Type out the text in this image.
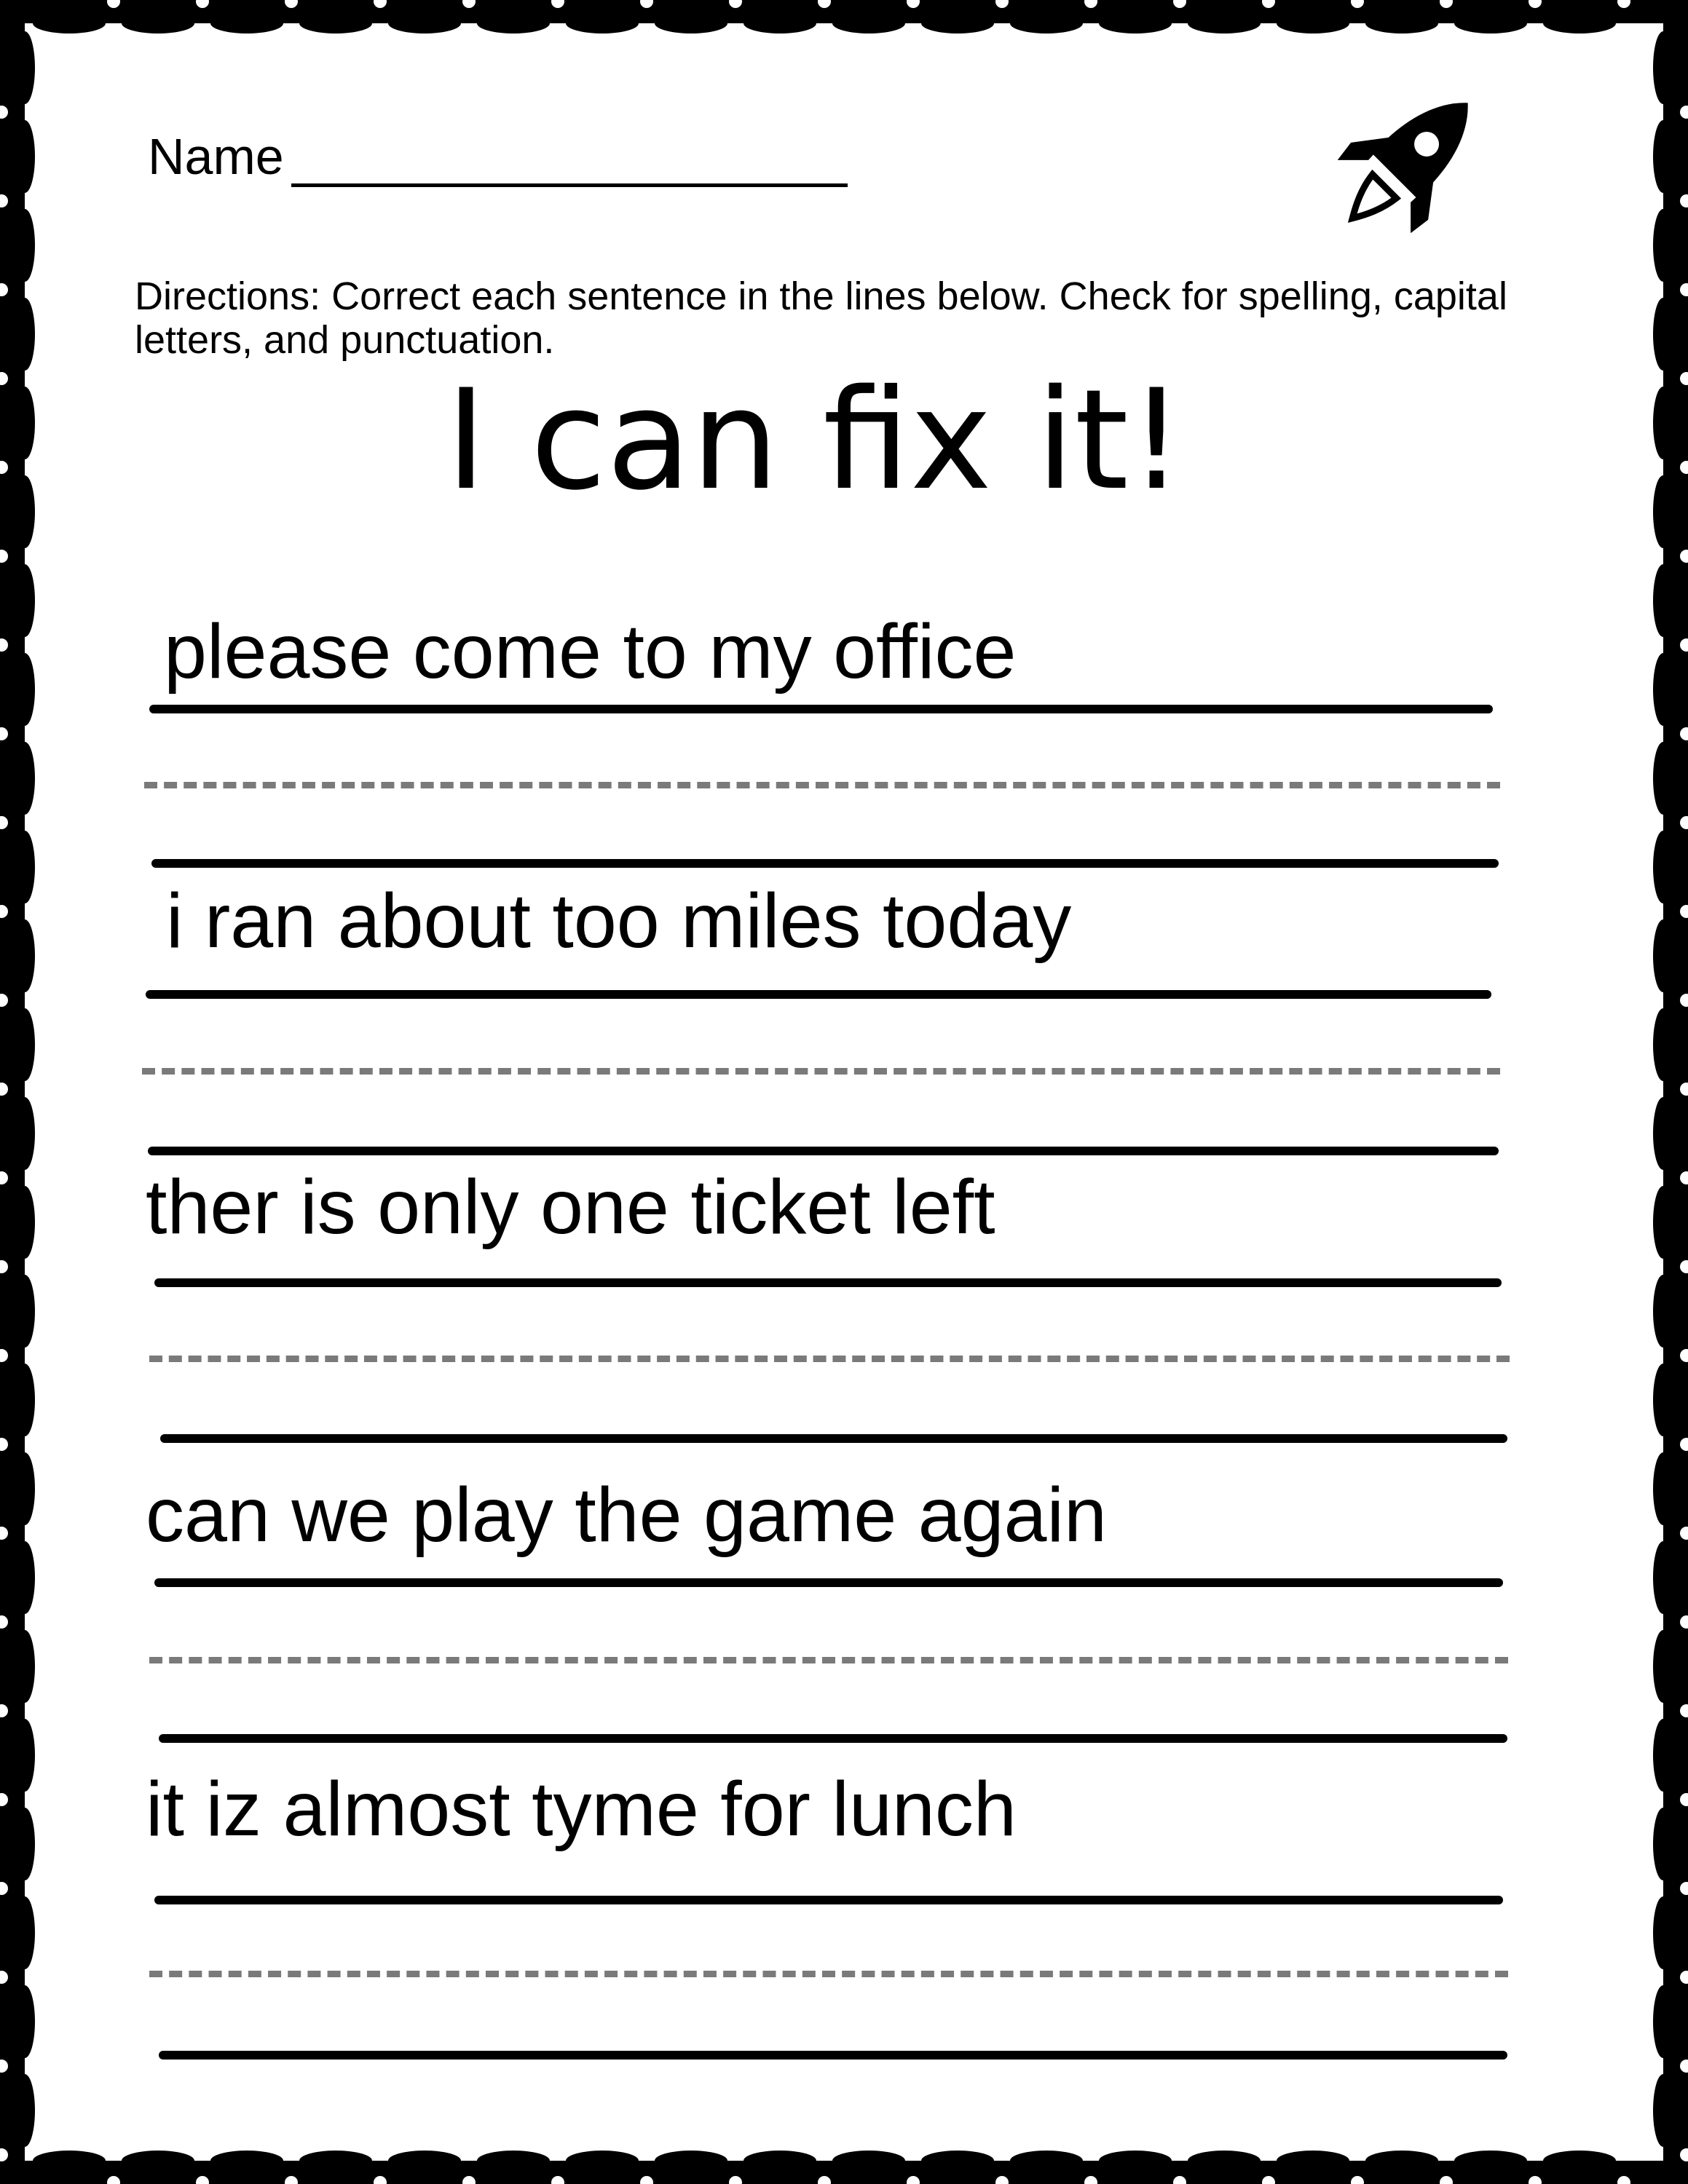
Name
Directions: Correct each sentence in the lines below. Check for spelling, capital letters, and punctuation.
I can fix it!
please come to my office
i ran about too miles today
ther is only one ticket left
can we play the game again
it iz almost tyme for lunch
